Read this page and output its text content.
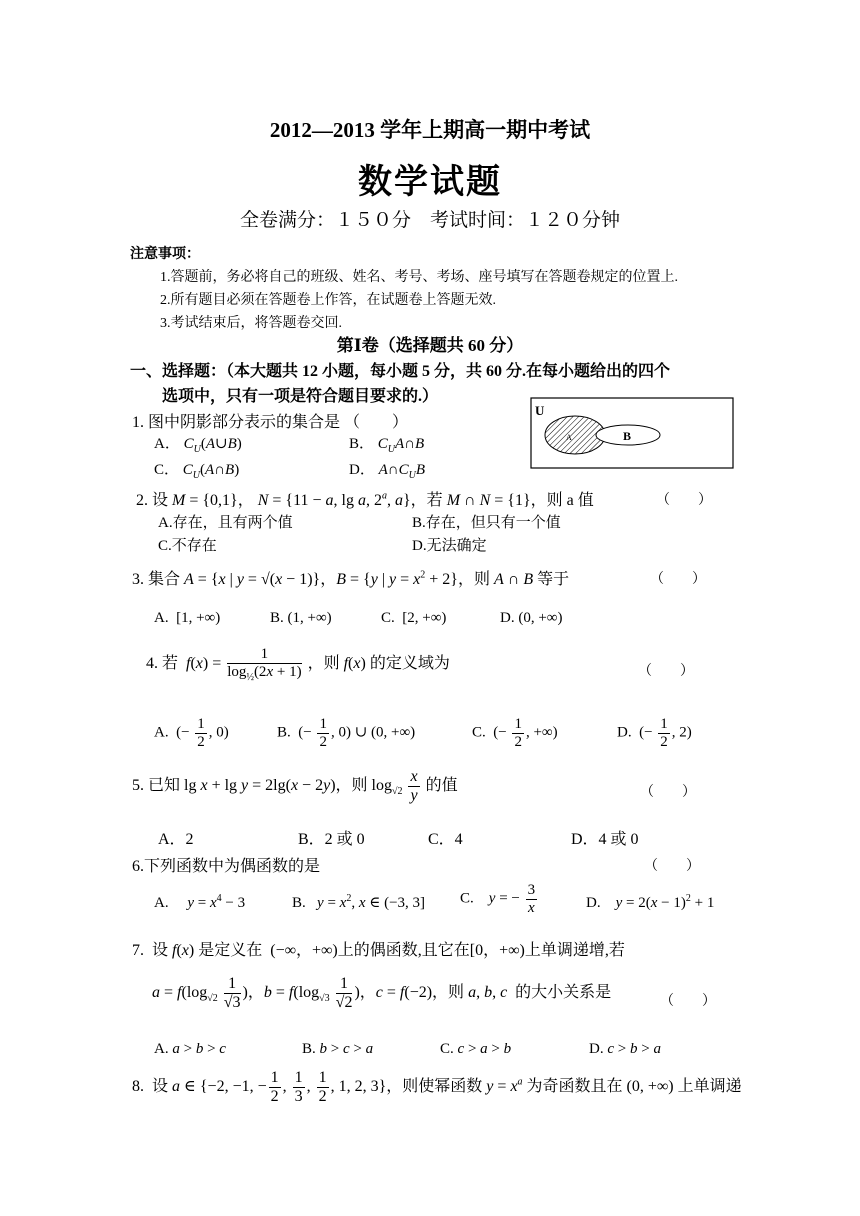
2012—2013 学年上期高一期中考试
数学试题
全卷满分：１５０分　考试时间：１２０分钟
注意事项：
1.答题前，务必将自己的班级、姓名、考号、考场、座号填写在答题卷规定的位置上.
2.所有题目必须在答题卷上作答，在试题卷上答题无效.
3.考试结束后，将答题卷交回.
第Ⅰ卷（选择题共 60 分）
一、选择题：（本大题共 12 小题，每小题 5 分，共 60 分.在每小题给出的四个
选项中，只有一项是符合题目要求的.）
1. 图中阴影部分表示的集合是 （　　）
A． $C_U(A\cup B)$	B． $C_UA\cap B$
C． $C_U(A\cap B)$	D． $A\cap C_UB$
U
A	B
2. 设 M = {0,1}， N = {11 − a, lg a, 2$^a$, a}，若 M ∩ N = {1}，则 a 值	（　　）
A.存在，且有两个值	B.存在，但只有一个值
C.不存在	D.无法确定
3. 集合 A = {x | y = √(x − 1)}，B = {y | $y = x^2 + 2$}，则 A ∩ B 等于	（　　）
A.  [1, +∞)	B. (1, +∞)	C.  [2, +∞)	D. (0, +∞)
4. 若  $f(x) = \frac{1}{\log_{\frac{1}{2}}(2x + 1)}$ ，则 f(x) 的定义域为	（　　）
A.  (− $\frac{1}{2}$ , 0)	B.  (− $\frac{1}{2}$ , 0) ∪ (0, +∞)	C.  (− $\frac{1}{2}$ , +∞)	D.  (− $\frac{1}{2}$ , 2)
5. 已知 lg x + lg y = 2lg(x − 2y)，则 $\log_{√2} \frac{x}{y}$ 的值	（　　）
A．2	B．2 或 0	C．4	D．4 或 0
6.下列函数中为偶函数的是	（　　）
A.     $y = x^4 - 3$	B.   $y = x^2$, x ∈ (−3, 3] C.    y = − $\frac{3}{x}$	D.    $y = 2(x - 1)^2 + 1$
7.  设 f(x) 是定义在  (−∞，+∞)上的偶函数,且它在[0，+∞)上单调递增,若
$a = f(\log_{√2} \frac{1}{√3}$ )，$b = f(\log_{√3} \frac{1}{√2}$ )，c = f(−2)，则 a, b, c  的大小关系是
（　　）
A. a > b > c	B. b > c > a	C. c > a > b	D. c > b > a
8.  设 a ∈ {−2, −1, − $\frac{1}{2}$ , $\frac{1}{3}$ , $\frac{1}{2}$ , 1, 2, 3}，则使幂函数 $y = x^a$ 为奇函数且在 (0, +∞) 上单调递
